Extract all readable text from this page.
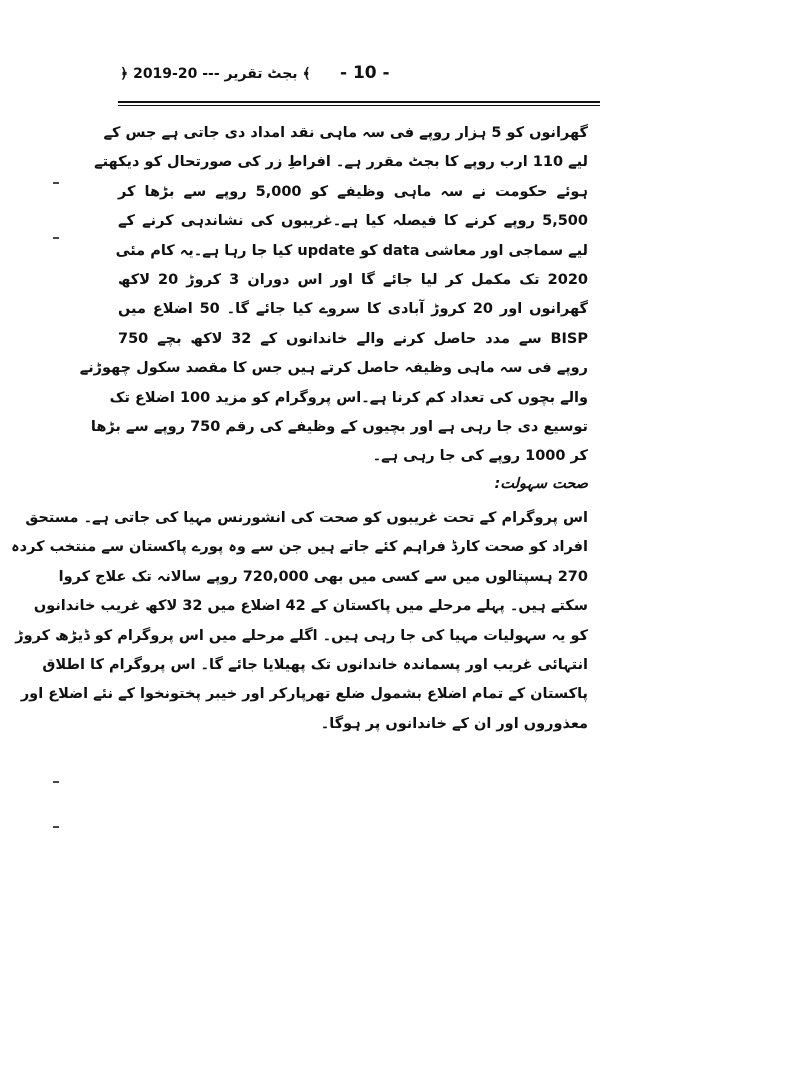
﴿ 2019-20 --- بجٹ تقریر ﴾ - 10 -
گھرانوں کو 5 ہزار روپے فی سہ ماہی نقد امداد دی جاتی ہے جس کے
لیے 110 ارب روپے کا بجٹ مقرر ہے۔ افراطِ زر کی صورتحال کو دیکھتے
ہوئے حکومت نے سہ ماہی وظیفے کو 5,000 روپے سے بڑھا کر
5,500 روپے کرنے کا فیصلہ کیا ہے۔غریبوں کی نشاندہی کرنے کے
لیے سماجی اور معاشی data کو update کیا جا رہا ہے۔یہ کام مئی
2020 تک مکمل کر لیا جائے گا اور اس دوران 3 کروڑ 20 لاکھ
گھرانوں اور 20 کروڑ آبادی کا سروے کیا جائے گا۔ 50 اضلاع میں
BISP سے مدد حاصل کرنے والے خاندانوں کے 32 لاکھ بچے 750
روپے فی سہ ماہی وظیفہ حاصل کرتے ہیں جس کا مقصد سکول چھوڑنے
والے بچوں کی تعداد کم کرنا ہے۔اس پروگرام کو مزید 100 اضلاع تک
توسیع دی جا رہی ہے اور بچیوں کے وظیفے کی رقم 750 روپے سے بڑھا
کر 1000 روپے کی جا رہی ہے۔
صحت سہولت:
اس پروگرام کے تحت غریبوں کو صحت کی انشورنس مہیا کی جاتی ہے۔ مستحق
افراد کو صحت کارڈ فراہم کئے جاتے ہیں جن سے وہ پورے پاکستان سے منتخب کردہ
270 ہسپتالوں میں سے کسی میں بھی 720,000 روپے سالانہ تک علاج کروا
سکتے ہیں۔ پہلے مرحلے میں پاکستان کے 42 اضلاع میں 32 لاکھ غریب خاندانوں
کو یہ سہولیات مہیا کی جا رہی ہیں۔ اگلے مرحلے میں اس پروگرام کو ڈیڑھ کروڑ
انتہائی غریب اور پسماندہ خاندانوں تک پھیلایا جائے گا۔ اس پروگرام کا اطلاق
پاکستان کے تمام اضلاع بشمول ضلع تھرپارکر اور خیبر پختونخوا کے نئے اضلاع اور
معذوروں اور ان کے خاندانوں پر ہوگا۔
